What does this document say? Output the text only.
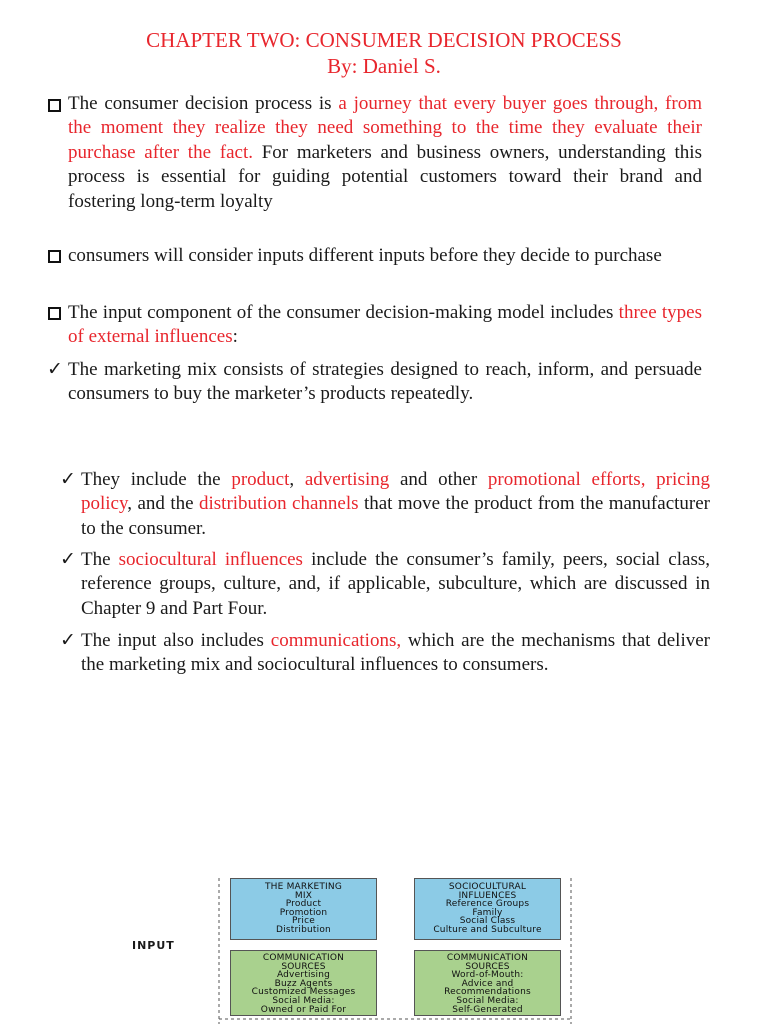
CHAPTER TWO: CONSUMER DECISION PROCESS
By: Daniel S.

The consumer decision process is a journey that every buyer goes through, from the moment they realize they need something to the time they evaluate their purchase after the fact. For marketers and business owners, understanding this process is essential for guiding potential customers toward their brand and fostering long-term loyalty

consumers will consider inputs different inputs before they decide to purchase

The input component of the consumer decision-making model includes three types of external influences:

✓ The marketing mix consists of strategies designed to reach, inform, and persuade consumers to buy the marketer’s products repeatedly.

✓ They include the product, advertising and other promotional efforts, pricing policy, and the distribution channels that move the product from the manufacturer to the consumer.

✓ The sociocultural influences include the consumer’s family, peers, social class, reference groups, culture, and, if applicable, subculture, which are discussed in Chapter 9 and Part Four.

✓ The input also includes communications, which are the mechanisms that deliver the marketing mix and sociocultural influences to consumers.

INPUT
THE MARKETING
MIX
Product
Promotion
Price
Distribution
SOCIOCULTURAL
INFLUENCES
Reference Groups
Family
Social Class
Culture and Subculture
COMMUNICATION
SOURCES
Advertising
Buzz Agents
Customized Messages
Social Media:
Owned or Paid For
COMMUNICATION
SOURCES
Word-of-Mouth:
Advice and
Recommendations
Social Media:
Self-Generated
